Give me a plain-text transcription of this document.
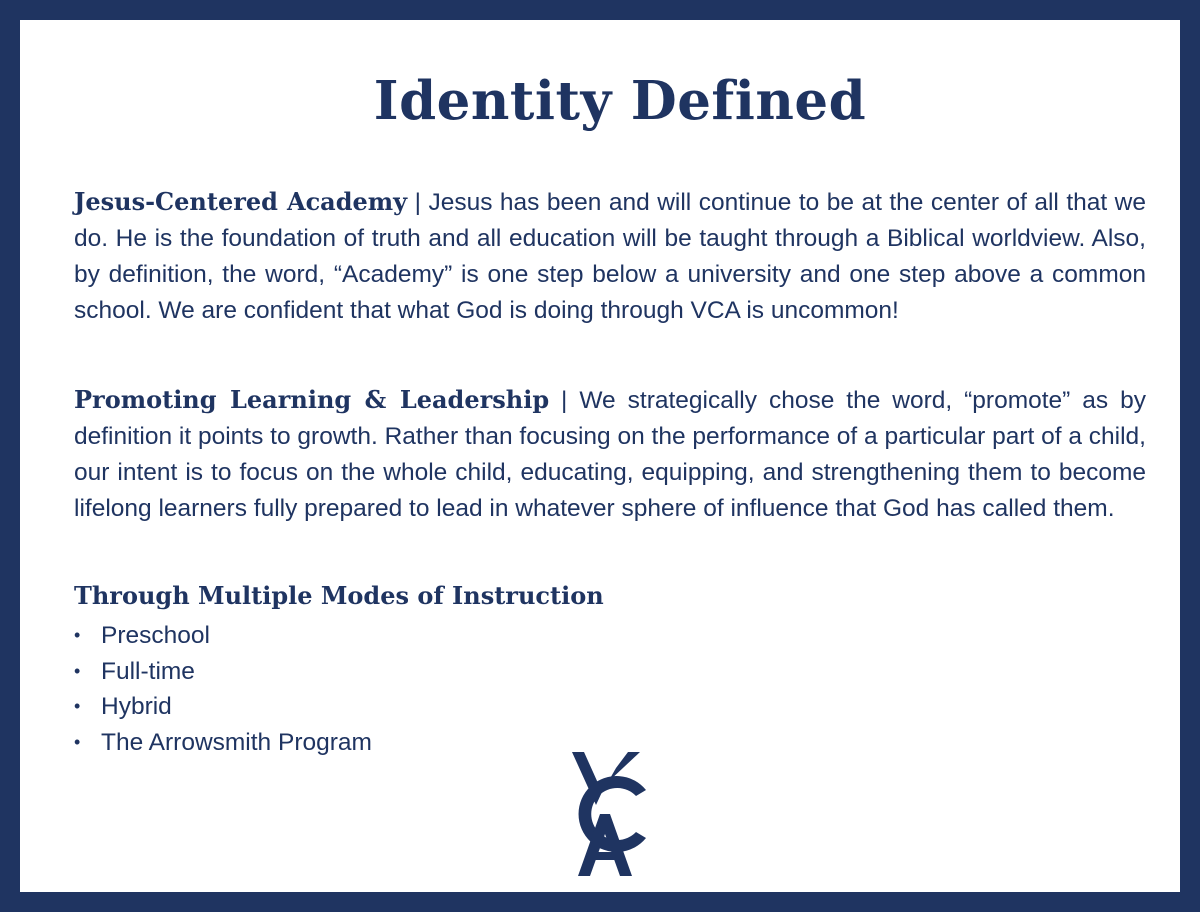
Identity Defined

Jesus-Centered Academy | Jesus has been and will continue to be at the center of all that we do. He is the foundation of truth and all education will be taught through a Biblical worldview. Also, by definition, the word, “Academy” is one step below a university and one step above a common school. We are confident that what God is doing through VCA is uncommon!

Promoting Learning & Leadership | We strategically chose the word, “promote” as by definition it points to growth. Rather than focusing on the performance of a particular part of a child, our intent is to focus on the whole child, educating, equipping, and strengthening them to become lifelong learners fully prepared to lead in whatever sphere of influence that God has called them.

Through Multiple Modes of Instruction
• Preschool
• Full-time
• Hybrid
• The Arrowsmith Program
